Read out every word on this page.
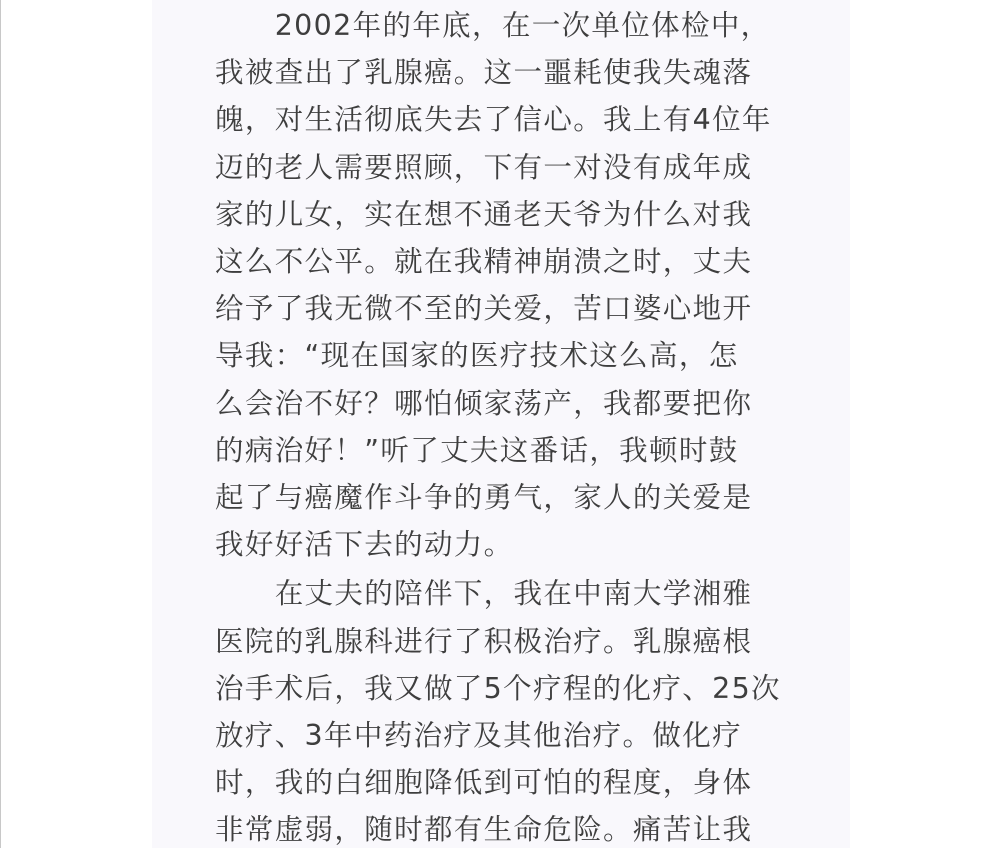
　　2002年的年底，在一次单位体检中，
我被查出了乳腺癌。这一噩耗使我失魂落
魄，对生活彻底失去了信心。我上有4位年
迈的老人需要照顾，下有一对没有成年成
家的儿女，实在想不通老天爷为什么对我
这么不公平。就在我精神崩溃之时，丈夫
给予了我无微不至的关爱，苦口婆心地开
导我：“现在国家的医疗技术这么高，怎
么会治不好？哪怕倾家荡产，我都要把你
的病治好！”听了丈夫这番话，我顿时鼓
起了与癌魔作斗争的勇气，家人的关爱是
我好好活下去的动力。
　　在丈夫的陪伴下，我在中南大学湘雅
医院的乳腺科进行了积极治疗。乳腺癌根
治手术后，我又做了5个疗程的化疗、25次
放疗、3年中药治疗及其他治疗。做化疗
时，我的白细胞降低到可怕的程度，身体
非常虚弱，随时都有生命危险。痛苦让我
